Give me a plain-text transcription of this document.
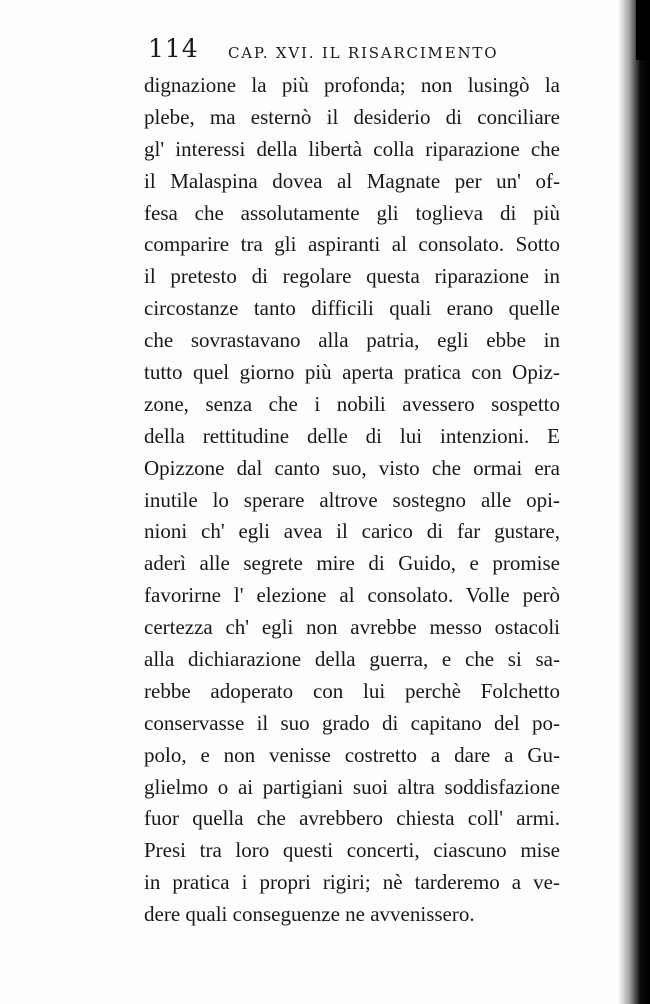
114 CAP. XVI. IL RISARCIMENTO
dignazione la più profonda; non lusingò la
plebe, ma esternò il desiderio di conciliare
gl' interessi della libertà colla riparazione che
il Malaspina dovea al Magnate per un' of-
fesa che assolutamente gli toglieva di più
comparire tra gli aspiranti al consolato. Sotto
il pretesto di regolare questa riparazione in
circostanze tanto difficili quali erano quelle
che sovrastavano alla patria, egli ebbe in
tutto quel giorno più aperta pratica con Opiz-
zone, senza che i nobili avessero sospetto
della rettitudine delle di lui intenzioni. E
Opizzone dal canto suo, visto che ormai era
inutile lo sperare altrove sostegno alle opi-
nioni ch' egli avea il carico di far gustare,
aderì alle segrete mire di Guido, e promise
favorirne l' elezione al consolato. Volle però
certezza ch' egli non avrebbe messo ostacoli
alla dichiarazione della guerra, e che si sa-
rebbe adoperato con lui perchè Folchetto
conservasse il suo grado di capitano del po-
polo, e non venisse costretto a dare a Gu-
glielmo o ai partigiani suoi altra soddisfazione
fuor quella che avrebbero chiesta coll' armi.
Presi tra loro questi concerti, ciascuno mise
in pratica i propri rigiri; nè tarderemo a ve-
dere quali conseguenze ne avvenissero.
